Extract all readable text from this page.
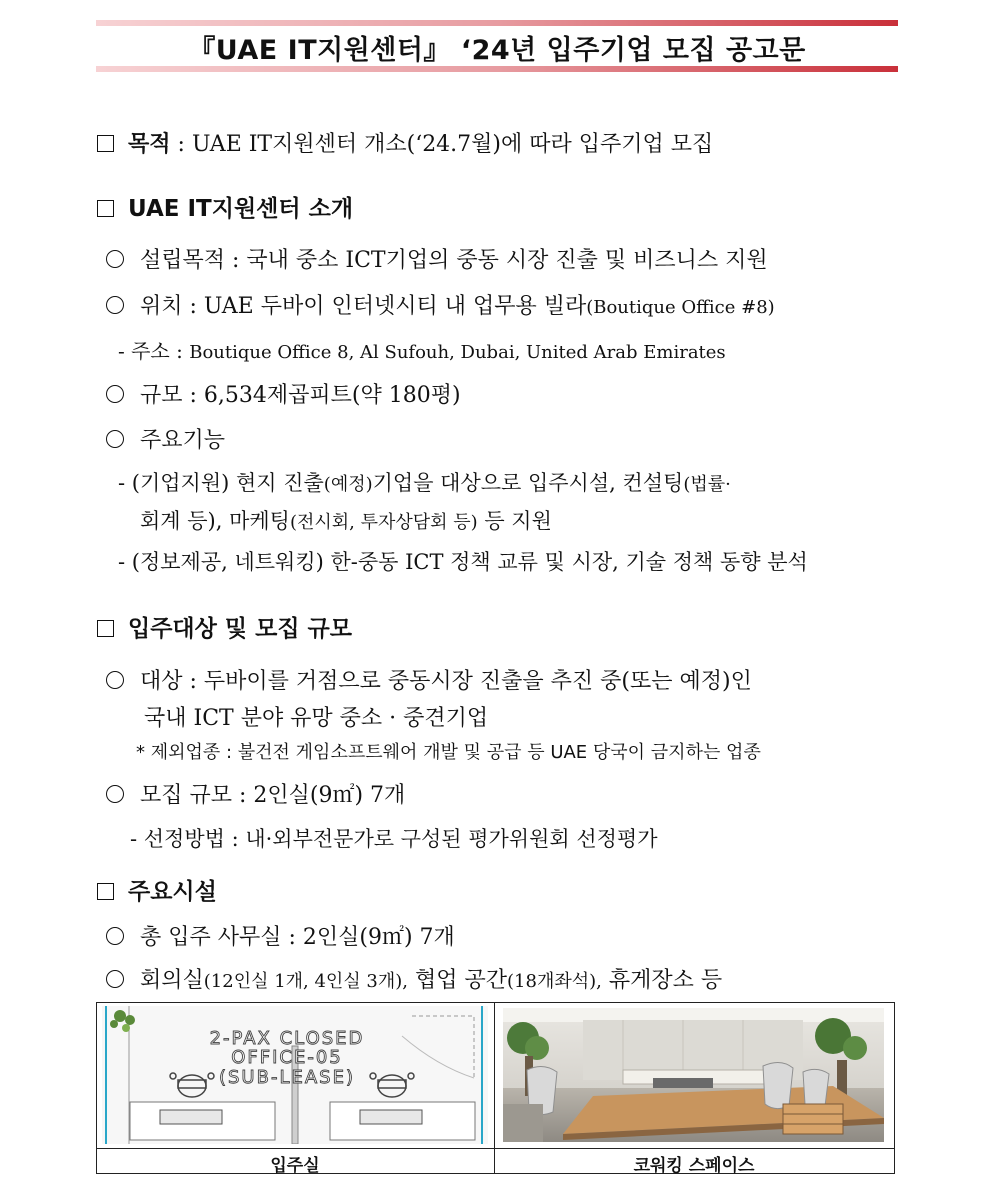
『UAE IT지원센터』 ‘24년 입주기업 모집 공고문
목적 : UAE IT지원센터 개소(‘24.7월)에 따라 입주기업 모집
UAE IT지원센터 소개
설립목적 : 국내 중소 ICT기업의 중동 시장 진출 및 비즈니스 지원
위치 : UAE 두바이 인터넷시티 내 업무용 빌라(Boutique Office #8)
- 주소 : Boutique Office 8, Al Sufouh, Dubai, United Arab Emirates
규모 : 6,534제곱피트(약 180평)
주요기능
- (기업지원) 현지 진출(예정)기업을 대상으로 입주시설, 컨설팅(법률·
회계 등), 마케팅(전시회, 투자상담회 등) 등 지원
- (정보제공, 네트워킹) 한-중동 ICT 정책 교류 및 시장, 기술 정책 동향 분석
입주대상 및 모집 규모
대상 : 두바이를 거점으로 중동시장 진출을 추진 중(또는 예정)인
국내 ICT 분야 유망 중소 · 중견기업
* 제외업종 : 불건전 게임소프트웨어 개발 및 공급 등 UAE 당국이 금지하는 업종
모집 규모 : 2인실(9㎡) 7개
- 선정방법 : 내·외부전문가로 구성된 평가위원회 선정평가
주요시설
총 입주 사무실 : 2인실(9㎡) 7개
회의실(12인실 1개, 4인실 3개), 협업 공간(18개좌석), 휴게장소 등
2-PAX CLOSED
OFFICE-05
(SUB-LEASE)
입주실	코워킹 스페이스
